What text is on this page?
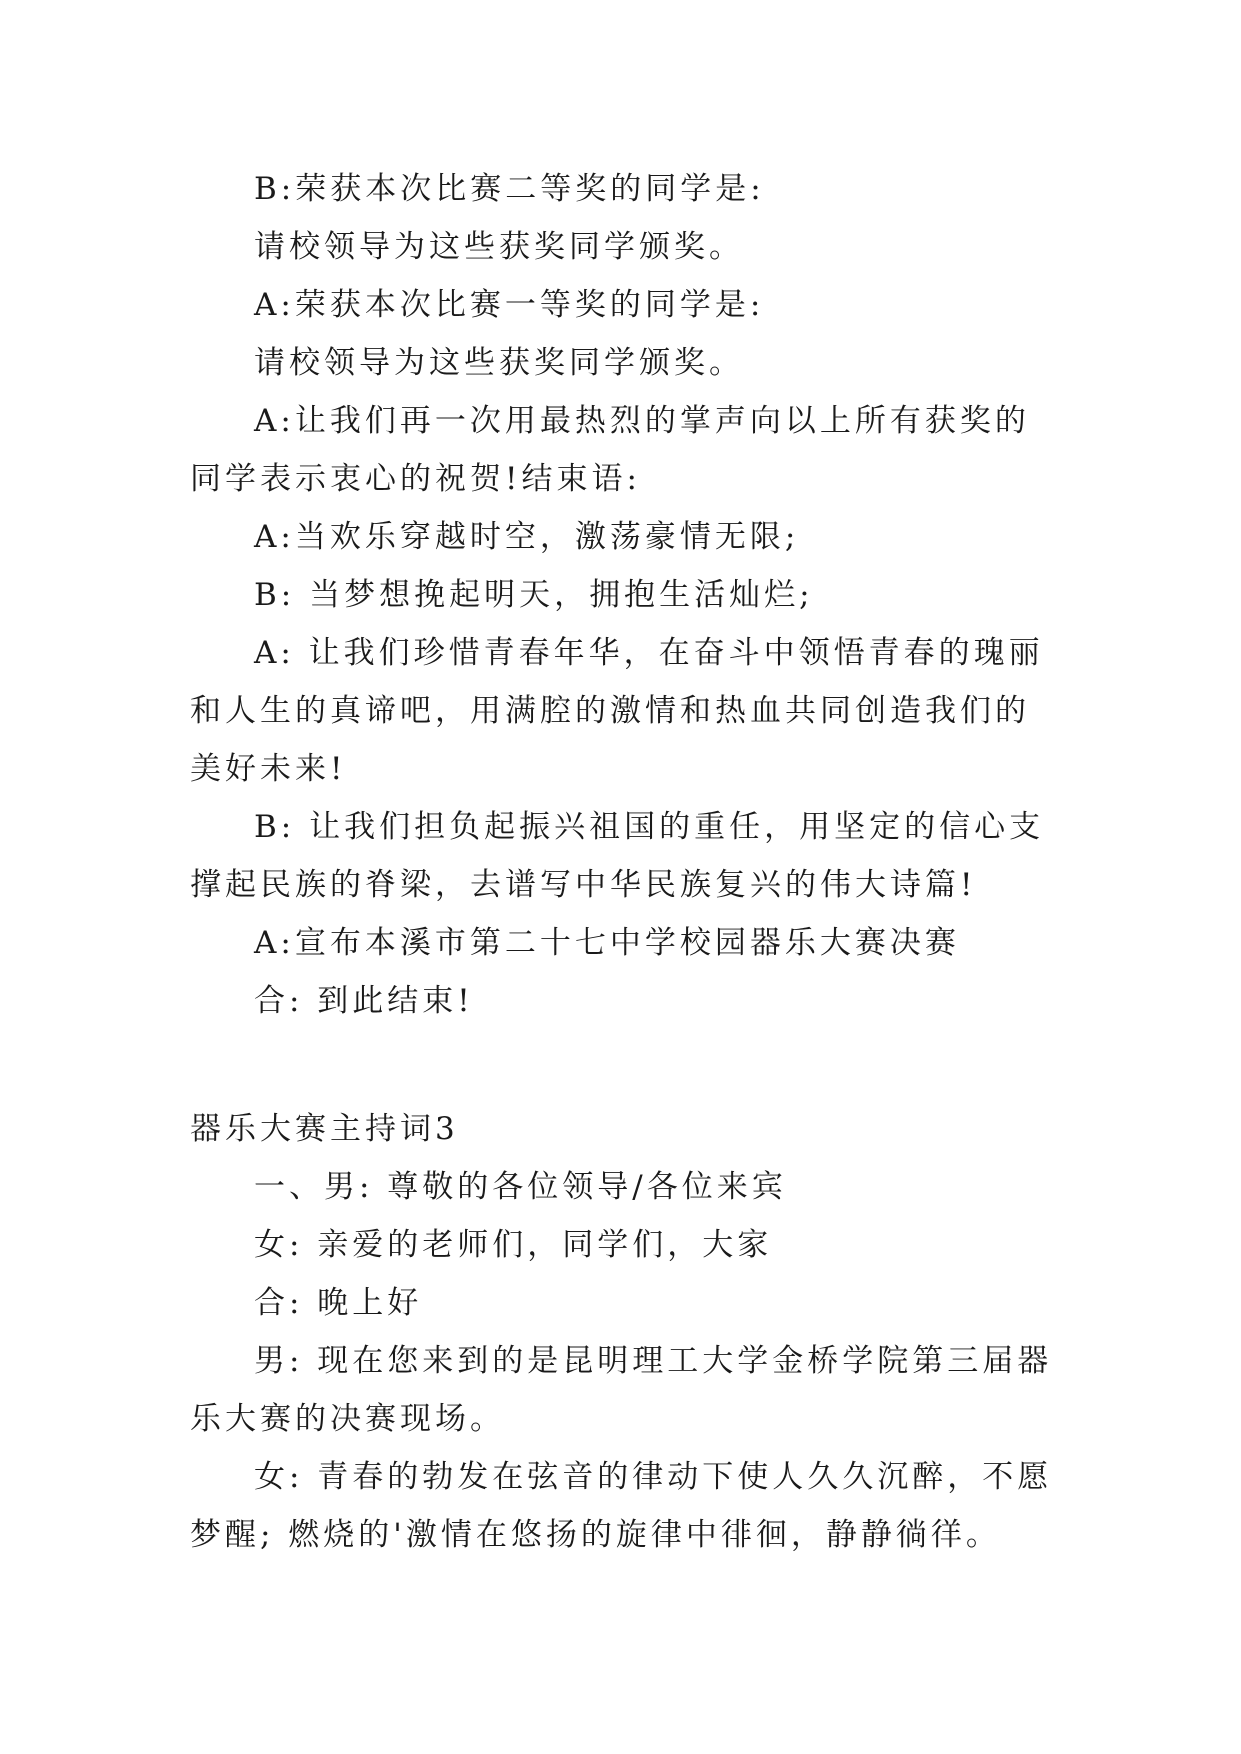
B:荣获本次比赛二等奖的同学是:

请校领导为这些获奖同学颁奖。

A:荣获本次比赛一等奖的同学是:

请校领导为这些获奖同学颁奖。

A:让我们再一次用最热烈的掌声向以上所有获奖的同学表示衷心的祝贺!结束语:

A:当欢乐穿越时空，激荡豪情无限;

B: 当梦想挽起明天，拥抱生活灿烂;

A: 让我们珍惜青春年华，在奋斗中领悟青春的瑰丽和人生的真谛吧，用满腔的激情和热血共同创造我们的美好未来!

B: 让我们担负起振兴祖国的重任，用坚定的信心支撑起民族的脊梁，去谱写中华民族复兴的伟大诗篇!

A:宣布本溪市第二十七中学校园器乐大赛决赛

合: 到此结束!

器乐大赛主持词3

一、男: 尊敬的各位领导/各位来宾

女: 亲爱的老师们，同学们，大家

合: 晚上好

男: 现在您来到的是昆明理工大学金桥学院第三届器乐大赛的决赛现场。

女: 青春的勃发在弦音的律动下使人久久沉醉，不愿梦醒; 燃烧的'激情在悠扬的旋律中徘徊，静静徜徉。
